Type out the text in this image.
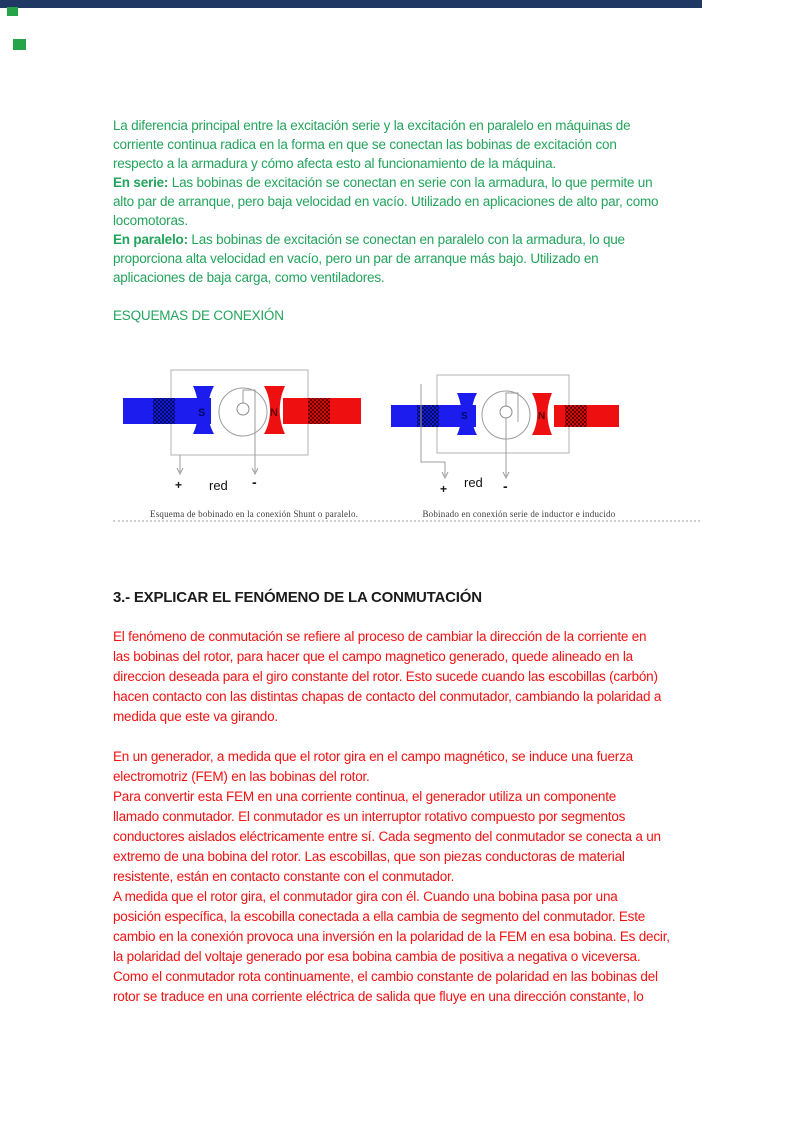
La diferencia principal entre la excitación serie y la excitación en paralelo en máquinas de
corriente continua radica en la forma en que se conectan las bobinas de excitación con
respecto a la armadura y cómo afecta esto al funcionamiento de la máquina.

En serie: Las bobinas de excitación se conectan en serie con la armadura, lo que permite un
alto par de arranque, pero baja velocidad en vacío. Utilizado en aplicaciones de alto par, como
locomotoras.

En paralelo: Las bobinas de excitación se conectan en paralelo con la armadura, lo que
proporciona alta velocidad en vacío, pero un par de arranque más bajo. Utilizado en
aplicaciones de baja carga, como ventiladores.

ESQUEMAS DE CONEXIÓN

S	N
+	-
red
Esquema de bobinado en la conexión Shunt o paralelo.

S	N
+	-
red
Bobinado en conexión serie de inductor e inducido
3.- EXPLICAR EL FENÓMENO DE LA CONMUTACIÓN

El fenómeno de conmutación se refiere al proceso de cambiar la dirección de la corriente en
las bobinas del rotor, para hacer que el campo magnetico generado, quede alineado en la
direccion deseada para el giro constante del rotor. Esto sucede cuando las escobillas (carbón)
hacen contacto con las distintas chapas de contacto del conmutador, cambiando la polaridad a
medida que este va girando.

En un generador, a medida que el rotor gira en el campo magnético, se induce una fuerza
electromotriz (FEM) en las bobinas del rotor.

Para convertir esta FEM en una corriente continua, el generador utiliza un componente
llamado conmutador. El conmutador es un interruptor rotativo compuesto por segmentos
conductores aislados eléctricamente entre sí. Cada segmento del conmutador se conecta a un
extremo de una bobina del rotor. Las escobillas, que son piezas conductoras de material
resistente, están en contacto constante con el conmutador.

A medida que el rotor gira, el conmutador gira con él. Cuando una bobina pasa por una
posición específica, la escobilla conectada a ella cambia de segmento del conmutador. Este
cambio en la conexión provoca una inversión en la polaridad de la FEM en esa bobina. Es decir,
la polaridad del voltaje generado por esa bobina cambia de positiva a negativa o viceversa.
Como el conmutador rota continuamente, el cambio constante de polaridad en las bobinas del
rotor se traduce en una corriente eléctrica de salida que fluye en una dirección constante, lo
